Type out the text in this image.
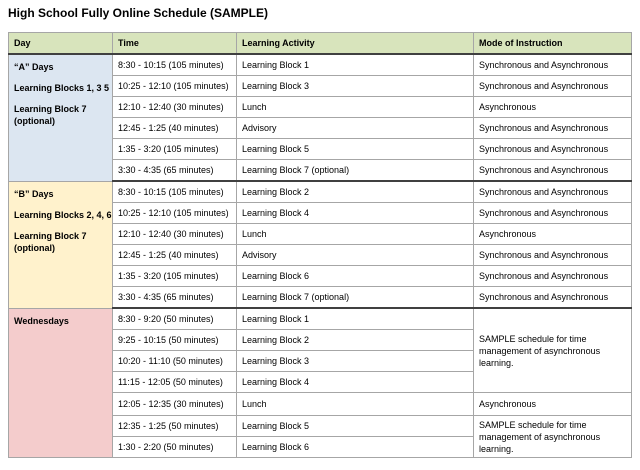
High School Fully Online Schedule (SAMPLE)
Day	Time	Learning Activity	Mode of Instruction

“A” Days
Learning Blocks 1, 3 5
Learning Block 7
(optional)	8:30 - 10:15 (105 minutes)	Learning Block 1	Synchronous and Asynchronous
	10:25 - 12:10 (105 minutes)	Learning Block 3	Synchronous and Asynchronous
	12:10 - 12:40 (30 minutes)	Lunch	Asynchronous
	12:45 - 1:25 (40 minutes)	Advisory	Synchronous and Asynchronous
	1:35 - 3:20 (105 minutes)	Learning Block 5	Synchronous and Asynchronous
	3:30 - 4:35 (65 minutes)	Learning Block 7 (optional)	Synchronous and Asynchronous

“B” Days
Learning Blocks 2, 4, 6
Learning Block 7
(optional)	8:30 - 10:15 (105 minutes)	Learning Block 2	Synchronous and Asynchronous
	10:25 - 12:10 (105 minutes)	Learning Block 4	Synchronous and Asynchronous
	12:10 - 12:40 (30 minutes)	Lunch	Asynchronous
	12:45 - 1:25 (40 minutes)	Advisory	Synchronous and Asynchronous
	1:35 - 3:20 (105 minutes)	Learning Block 6	Synchronous and Asynchronous
	3:30 - 4:35 (65 minutes)	Learning Block 7 (optional)	Synchronous and Asynchronous

Wednesdays	8:30 - 9:20 (50 minutes)	Learning Block 1	SAMPLE schedule for time management of asynchronous learning.
	9:25 - 10:15 (50 minutes)	Learning Block 2	
	10:20 - 11:10 (50 minutes)	Learning Block 3	
	11:15 - 12:05 (50 minutes)	Learning Block 4	
	12:05 - 12:35 (30 minutes)	Lunch	Asynchronous
	12:35 - 1:25 (50 minutes)	Learning Block 5	SAMPLE schedule for time management of asynchronous learning.
	1:30 - 2:20 (50 minutes)	Learning Block 6	
